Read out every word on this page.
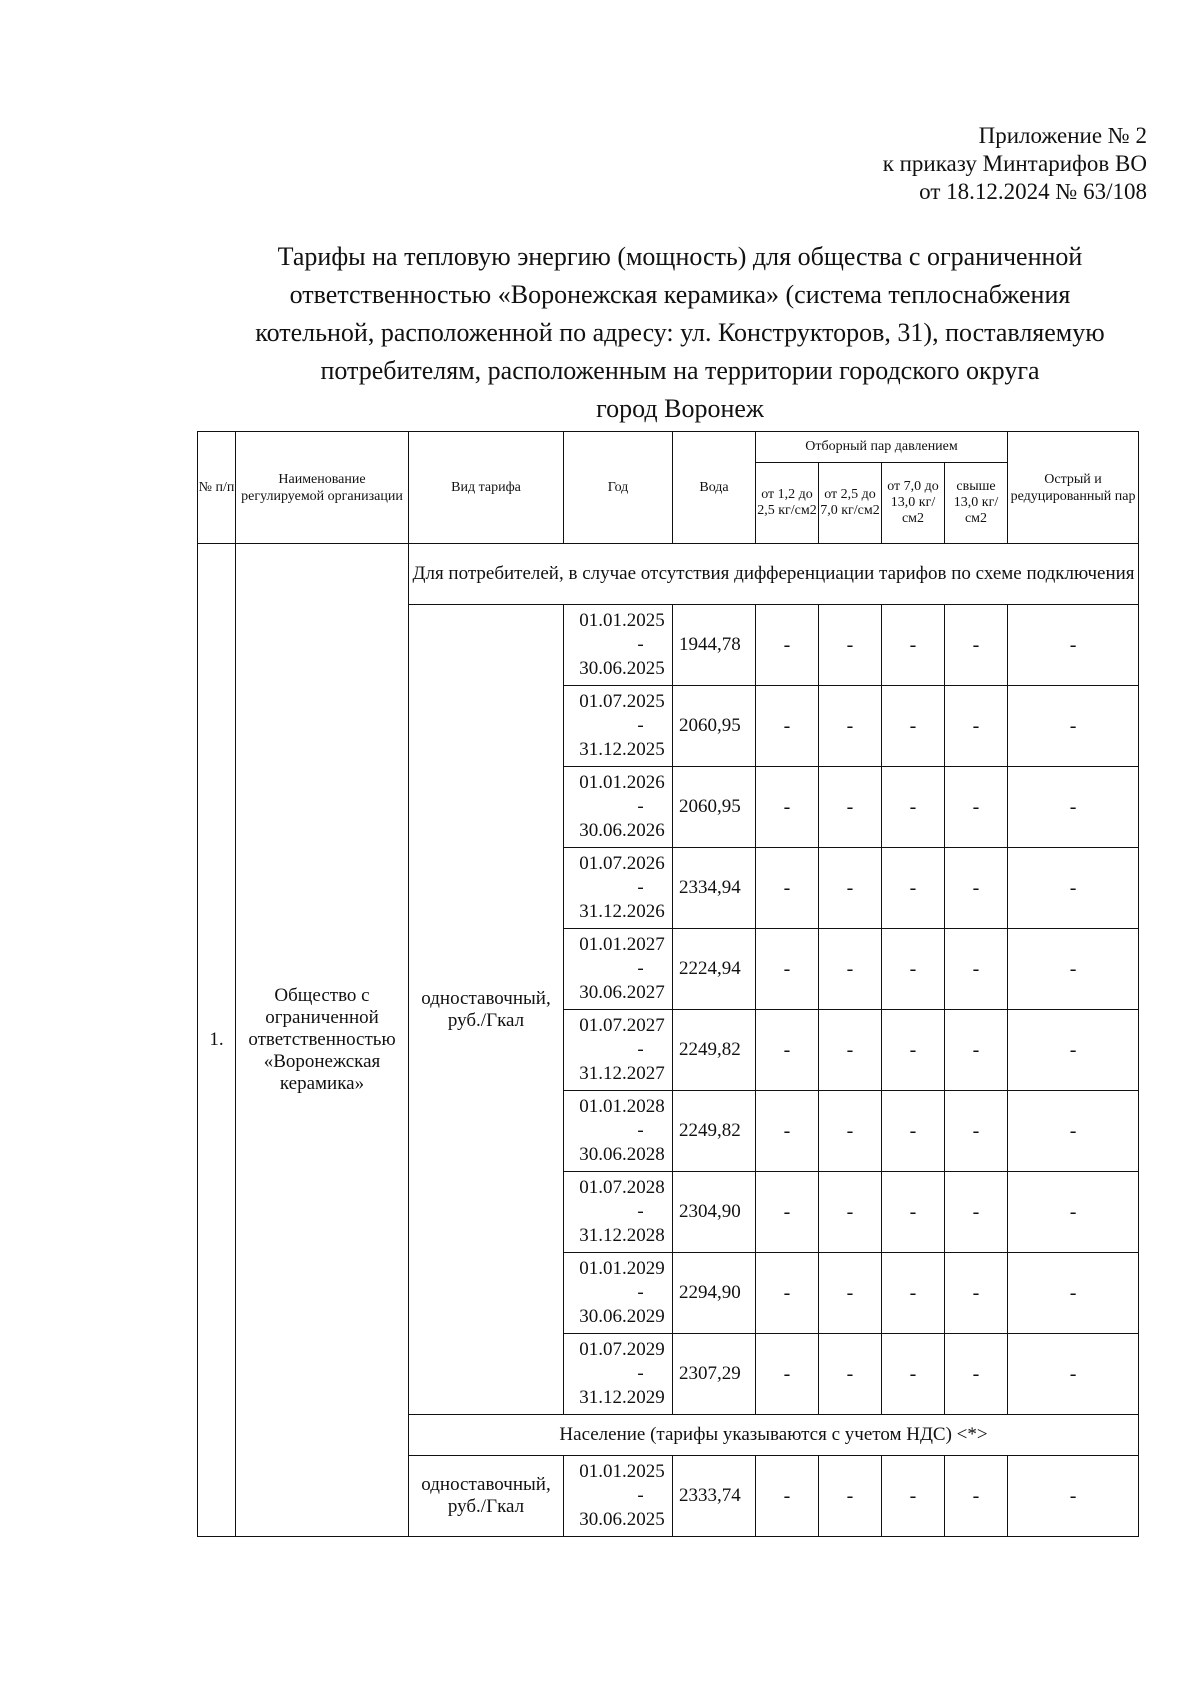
Приложение № 2
к приказу Минтарифов ВО
от 18.12.2024 № 63/108
Тарифы на тепловую энергию (мощность) для общества с ограниченной
ответственностью «Воронежская керамика» (система теплоснабжения
котельной, расположенной по адресу: ул. Конструкторов, 31), поставляемую
потребителям, расположенным на территории городского округа
город Воронеж
№ п/п	Наименование регулируемой организации	Вид тарифа	Год	Вода	Отборный пар давлением				Острый и редуцированный пар
					от 1,2 до 2,5 кг/см2	от 2,5 до 7,0 кг/см2	от 7,0 до 13,0 кг/см2	свыше 13,0 кг/см2	
1.	Общество с ограниченной ответственностью «Воронежская керамика»	Для потребителей, в случае отсутствия дифференциации тарифов по схеме подключения							
		одноставочный, руб./Гкал	01.01.2025
-
30.06.2025	1944,78	-	-	-	-	-

			01.07.2025
-
31.12.2025	2060,95	-	-	-	-	-

			01.01.2026
-
30.06.2026	2060,95	-	-	-	-	-

			01.07.2026
-
31.12.2026	2334,94	-	-	-	-	-

			01.01.2027
-
30.06.2027	2224,94	-	-	-	-	-

			01.07.2027
-
31.12.2027	2249,82	-	-	-	-	-

			01.01.2028
-
30.06.2028	2249,82	-	-	-	-	-

			01.07.2028
-
31.12.2028	2304,90	-	-	-	-	-

			01.01.2029
-
30.06.2029	2294,90	-	-	-	-	-

			01.07.2029
-
31.12.2029	2307,29	-	-	-	-	-
		Население (тарифы указываются с учетом НДС) <*>							
		одноставочный, руб./Гкал	01.01.2025
-
30.06.2025	2333,74	-	-	-	-	-
